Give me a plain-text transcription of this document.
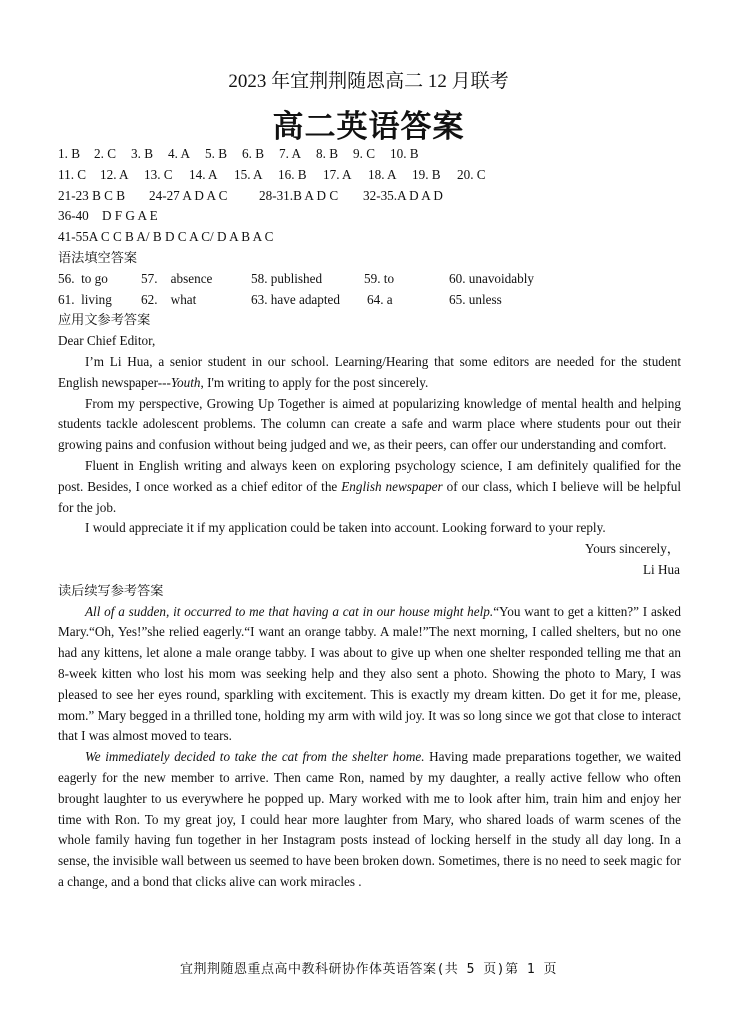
2023 年宜荆荆随恩高二 12 月联考
高二英语答案
1. B 2. C 3. B 4. A 5. B 6. B 7. A 8. B 9. C 10. B
11. C 12. A 13. C 14. A 15. A 16. B 17. A 18. A 19. B 20. C
21-23 B C B 24-27 A D A C 28-31.B A D C 32-35.A D A D
36-40    D F G A E
41-55A C C B A/ B D C A C/ D A B A C
语法填空答案
56.  to go	57.    absence	58. published	59. to	60. unavoidably
61.  living 62.    what	63. have adapted 64. a	65. unless
应用文参考答案
Dear Chief Editor,
I’m Li Hua, a senior student in our school. Learning/Hearing that some editors are needed for the student English newspaper---Youth, I'm writing to apply for the post sincerely.
From my perspective, Growing Up Together is aimed at popularizing knowledge of mental health and helping students tackle adolescent problems. The column can create a safe and warm place where students pour out their growing pains and confusion without being judged and we, as their peers, can offer our understanding and comfort.
Fluent in English writing and always keen on exploring psychology science, I am definitely qualified for the post. Besides, I once worked as a chief editor of the English newspaper of our class, which I believe will be helpful for the job.
I would appreciate it if my application could be taken into account. Looking forward to your reply.
Yours sincerely，
Li Hua
读后续写参考答案
All of a sudden, it occurred to me that having a cat in our house might help.“You want to get a kitten?” I asked Mary.“Oh, Yes!”she relied eagerly.“I want an orange tabby. A male!”The next morning, I called shelters, but no one had any kittens, let alone a male orange tabby. I was about to give up when one shelter responded telling me that an 8-week kitten who lost his mom was seeking help and they also sent a photo. Showing the photo to Mary, I was pleased to see her eyes round, sparkling with excitement. This is exactly my dream kitten. Do get it for me, please, mom.” Mary begged in a thrilled tone, holding my arm with wild joy. It was so long since we got that close to interact that I was almost moved to tears.
We immediately decided to take the cat from the shelter home. Having made preparations together, we waited eagerly for the new member to arrive. Then came Ron, named by my daughter, a really active fellow who often brought laughter to us everywhere he popped up. Mary worked with me to look after him, train him and enjoy her time with Ron. To my great joy, I could hear more laughter from Mary, who shared loads of warm scenes of the whole family having fun together in her Instagram posts instead of locking herself in the study all day long. In a sense, the invisible wall between us seemed to have been broken down. Sometimes, there is no need to seek magic for a change, and a bond that clicks alive can work miracles .
宜荆荆随恩重点高中教科研协作体英语答案(共 5 页)第 1 页
